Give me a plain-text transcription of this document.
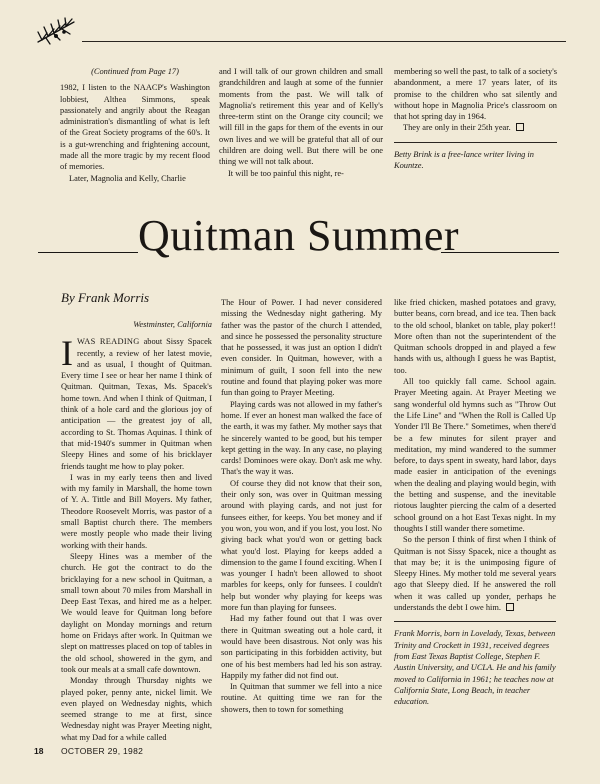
(Continued from Page 17)

1982, I listen to the NAACP's Washington lobbiest, Althea Simmons, speak passionately and angrily about the Reagan administration's dismantling of what is left of the Great Society programs of the 60's. It is a gut-wrenching and frightening account, made all the more tragic by my recent flood of memories.

Later, Magnolia and Kelly, Charlie

and I will talk of our grown children and small grandchildren and laugh at some of the funnier moments from the past. We will talk of Magnolia's retirement this year and of Kelly's three-term stint on the Orange city council; we will fill in the gaps for them of the events in our own lives and we will be grateful that all of our children are doing well. But there will be one thing we will not talk about.

It will be too painful this night, re-

membering so well the past, to talk of a society's abandonment, a mere 17 years later, of its promise to the children who sat silently and without hope in Magnolia Price's classroom on that hot spring day in 1964.

They are only in their 25th year.

Betty Brink is a free-lance writer living in Kountze.

Quitman Summer
By Frank Morris

Westminster, California

IWAS READING about Sissy Spacek recently, a review of her latest movie, and as usual, I thought of Quitman. Every time I see or hear her name I think of Quitman. Quitman, Texas, Ms. Spacek's home town. And when I think of Quitman, I think of a hole card and the glorious joy of anticipation — the greatest joy of all, according to St. Thomas Aquinas. I think of that mid-1940's summer in Quitman when Sleepy Hines and some of his bricklayer friends taught me how to play poker.

I was in my early teens then and lived with my family in Marshall, the home town of Y. A. Tittle and Bill Moyers. My father, Theodore Roosevelt Morris, was pastor of a small Baptist church there. The members were mostly people who made their living working with their hands.

Sleepy Hines was a member of the church. He got the contract to do the bricklaying for a new school in Quitman, a small town about 70 miles from Marshall in Deep East Texas, and hired me as a helper. We would leave for Quitman long before daylight on Monday mornings and return home on Fridays after work. In Quitman we slept on mattresses placed on top of tables in the old school, showered in the gym, and took our meals at a small cafe downtown.

Monday through Thursday nights we played poker, penny ante, nickel limit. We even played on Wednesday nights, which seemed strange to me at first, since Wednesday night was Prayer Meeting night, what my Dad for a while called

The Hour of Power. I had never considered missing the Wednesday night gathering. My father was the pastor of the church I attended, and since he possessed the personality structure that he possessed, it was just an option I didn't even consider. In Quitman, however, with a minimum of guilt, I soon fell into the new routine and found that playing poker was more fun than going to Prayer Meeting.

Playing cards was not allowed in my father's home. If ever an honest man walked the face of the earth, it was my father. My mother says that he sincerely wanted to be good, but his temper kept getting in the way. In any case, no playing cards! Dominoes were okay. Don't ask me why. That's the way it was.

Of course they did not know that their son, their only son, was over in Quitman messing around with playing cards, and not just for funsees either, for keeps. You bet money and if you won, you won, and if you lost, you lost. No giving back what you'd won or getting back what you'd lost. Playing for keeps added a dimension to the game I found exciting. When I was younger I hadn't been allowed to shoot marbles for keeps, only for funsees. I couldn't help but wonder why playing for keeps was more fun than playing for funsees.

Had my father found out that I was over there in Quitman sweating out a hole card, it would have been disastrous. Not only was his son participating in this forbidden activity, but one of his best members had led his son astray. Happily my father did not find out.

In Quitman that summer we fell into a nice routine. At quitting time we ran for the showers, then to town for something

like fried chicken, mashed potatoes and gravy, butter beans, corn bread, and ice tea. Then back to the old school, blanket on table, play poker!! More often than not the superintendent of the Quitman schools dropped in and played a few hands with us, although I guess he was Baptist, too.

All too quickly fall came. School again. Prayer Meeting again. At Prayer Meeting we sang wonderful old hymns such as "Throw Out the Life Line" and "When the Roll is Called Up Yonder I'll Be There." Sometimes, when there'd be a few minutes for silent prayer and meditation, my mind wandered to the summer before, to days spent in sweaty, hard labor, days made easier in anticipation of the evenings when the dealing and playing would begin, with the betting and suspense, and the inevitable riotous laughter piercing the calm of a deserted school ground on a hot East Texas night. In my thoughts I still wander there sometime.

So the person I think of first when I think of Quitman is not Sissy Spacek, nice a thought as that may be; it is the unimposing figure of Sleepy Hines. My mother told me several years ago that Sleepy died. If he answered the roll when it was called up yonder, perhaps he understands the debt I owe him.

Frank Morris, born in Lovelady, Texas, between Trinity and Crockett in 1931, received degrees from East Texas Baptist College, Stephen F. Austin University, and UCLA. He and his family moved to California in 1961; he teaches now at California State, Long Beach, in teacher education.

18 OCTOBER 29, 1982
